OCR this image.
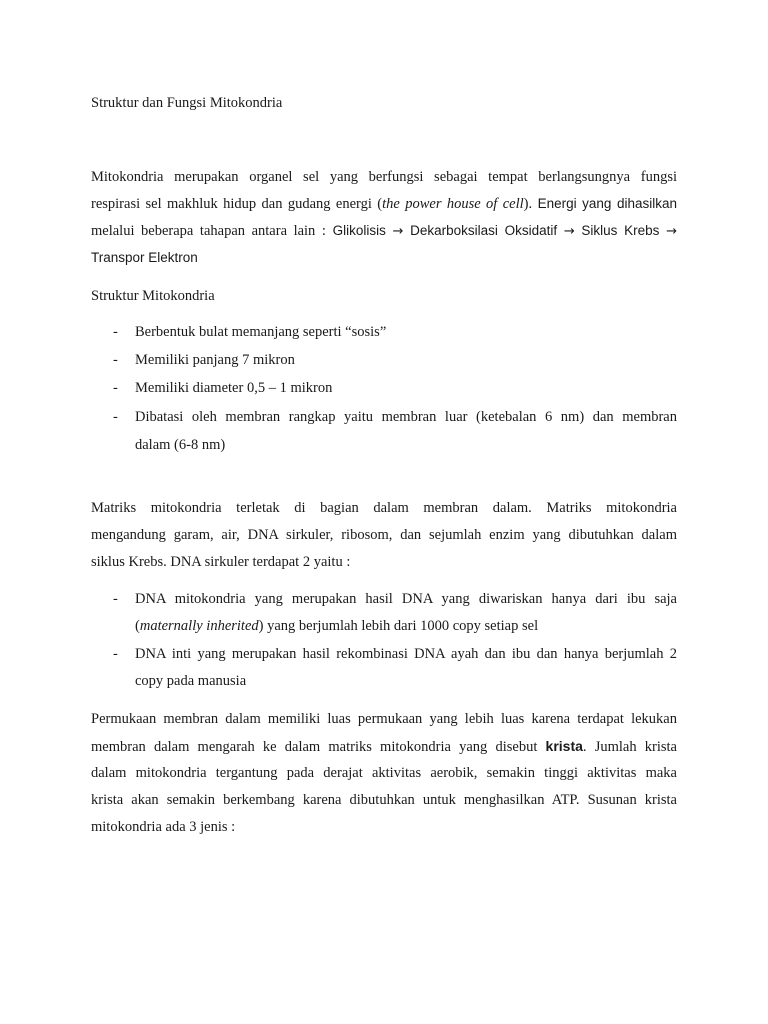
Struktur dan Fungsi Mitokondria
Mitokondria merupakan organel sel yang berfungsi sebagai tempat berlangsungnya fungsi
respirasi sel makhluk hidup dan gudang energi (the power house of cell). Energi yang dihasilkan
melalui beberapa tahapan antara lain : Glikolisis → Dekarboksilasi Oksidatif → Siklus Krebs →
Transpor Elektron
Struktur Mitokondria
-	Berbentuk bulat memanjang seperti “sosis”
-	Memiliki panjang 7 mikron
-	Memiliki diameter 0,5 – 1 mikron
-	Dibatasi oleh membran rangkap yaitu membran luar (ketebalan 6 nm) dan membran
dalam (6-8 nm)
Matriks mitokondria terletak di bagian dalam membran dalam. Matriks mitokondria
mengandung garam, air, DNA sirkuler, ribosom, dan sejumlah enzim yang dibutuhkan dalam
siklus Krebs. DNA sirkuler terdapat 2 yaitu :
-	DNA mitokondria yang merupakan hasil DNA yang diwariskan hanya dari ibu saja
(maternally inherited) yang berjumlah lebih dari 1000 copy setiap sel
-	DNA inti yang merupakan hasil rekombinasi DNA ayah dan ibu dan hanya berjumlah 2
copy pada manusia
Permukaan membran dalam memiliki luas permukaan yang lebih luas karena terdapat lekukan
membran dalam mengarah ke dalam matriks mitokondria yang disebut krista. Jumlah krista
dalam mitokondria tergantung pada derajat aktivitas aerobik, semakin tinggi aktivitas maka
krista akan semakin berkembang karena dibutuhkan untuk menghasilkan ATP. Susunan krista
mitokondria ada 3 jenis :
